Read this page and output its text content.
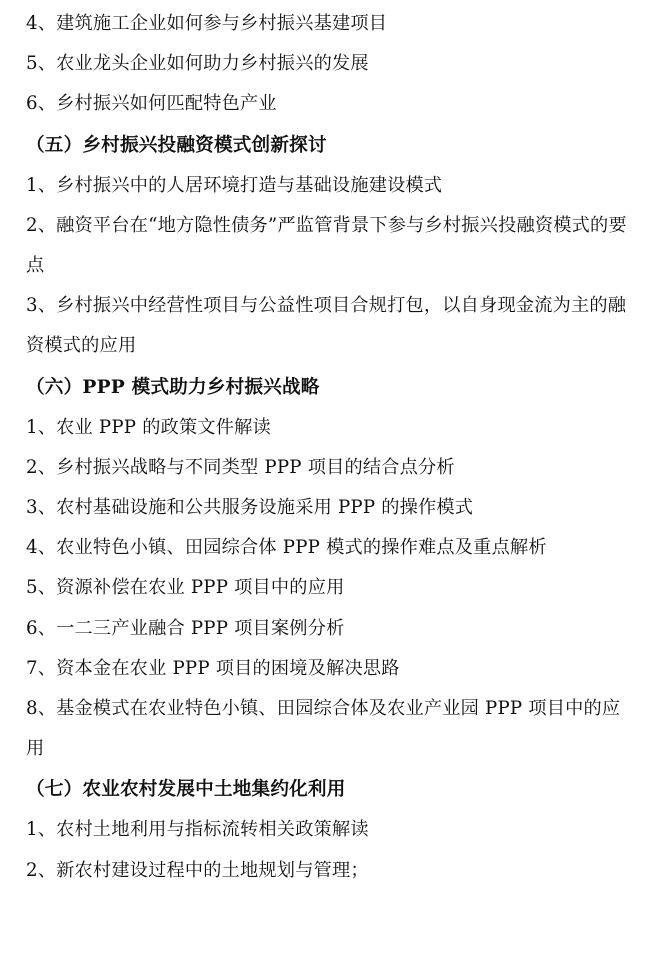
4、建筑施工企业如何参与乡村振兴基建项目
5、农业龙头企业如何助力乡村振兴的发展
6、乡村振兴如何匹配特色产业
（五）乡村振兴投融资模式创新探讨
1、乡村振兴中的人居环境打造与基础设施建设模式
2、融资平台在“地方隐性债务”严监管背景下参与乡村振兴投融资模式的要点
3、乡村振兴中经营性项目与公益性项目合规打包，以自身现金流为主的融资模式的应用
（六）PPP 模式助力乡村振兴战略
1、农业 PPP 的政策文件解读
2、乡村振兴战略与不同类型 PPP 项目的结合点分析
3、农村基础设施和公共服务设施采用 PPP 的操作模式
4、农业特色小镇、田园综合体 PPP 模式的操作难点及重点解析
5、资源补偿在农业 PPP 项目中的应用
6、一二三产业融合 PPP 项目案例分析
7、资本金在农业 PPP 项目的困境及解决思路
8、基金模式在农业特色小镇、田园综合体及农业产业园 PPP 项目中的应用
（七）农业农村发展中土地集约化利用
1、农村土地利用与指标流转相关政策解读
2、新农村建设过程中的土地规划与管理；
